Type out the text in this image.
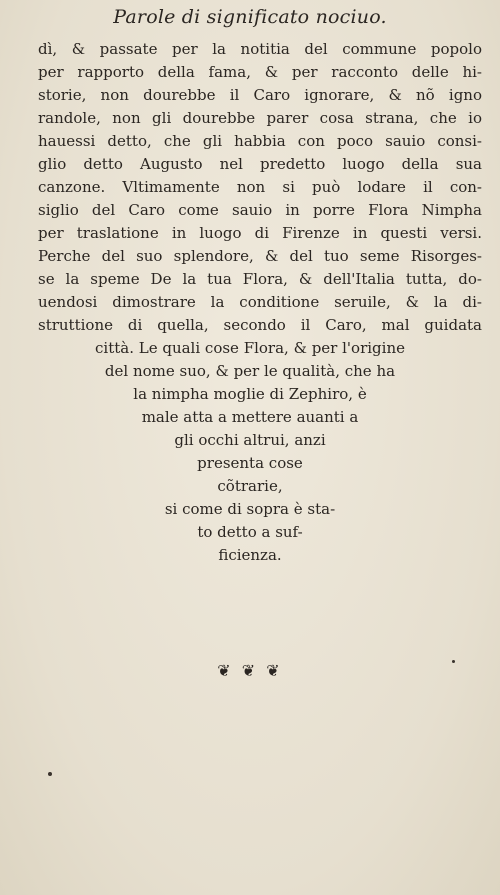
Parole di significato nociuo.
dì, & passate per la notitia del commune popolo
per rapporto della fama, & per racconto delle hi-
storie, non dourebbe il Caro ignorare, & nõ igno
randole, non gli dourebbe parer cosa strana, che io
hauessi detto, che gli habbia con poco sauio consi-
glio detto Augusto nel predetto luogo della sua
canzone. Vltimamente non si può lodare il con-
siglio del Caro come sauio in porre Flora Nimpha
per traslatione in luogo di Firenze in questi versi.
Perche del suo splendore, & del tuo seme Risorges-
se la speme De la tua Flora, & dell'Italia tutta, do-
uendosi dimostrare la conditione seruile, & la di-
struttione di quella, secondo il Caro, mal guidata
città. Le quali cose Flora, & per l'origine
del nome suo, & per le qualità, che ha
la nimpha moglie di Zephiro, è
male atta a mettere auanti a
gli occhi altrui, anzi
presenta cose
cõtrarie,
si come di sopra è sta-
to detto a suf-
ficienza.
❦ ❦ ❦
